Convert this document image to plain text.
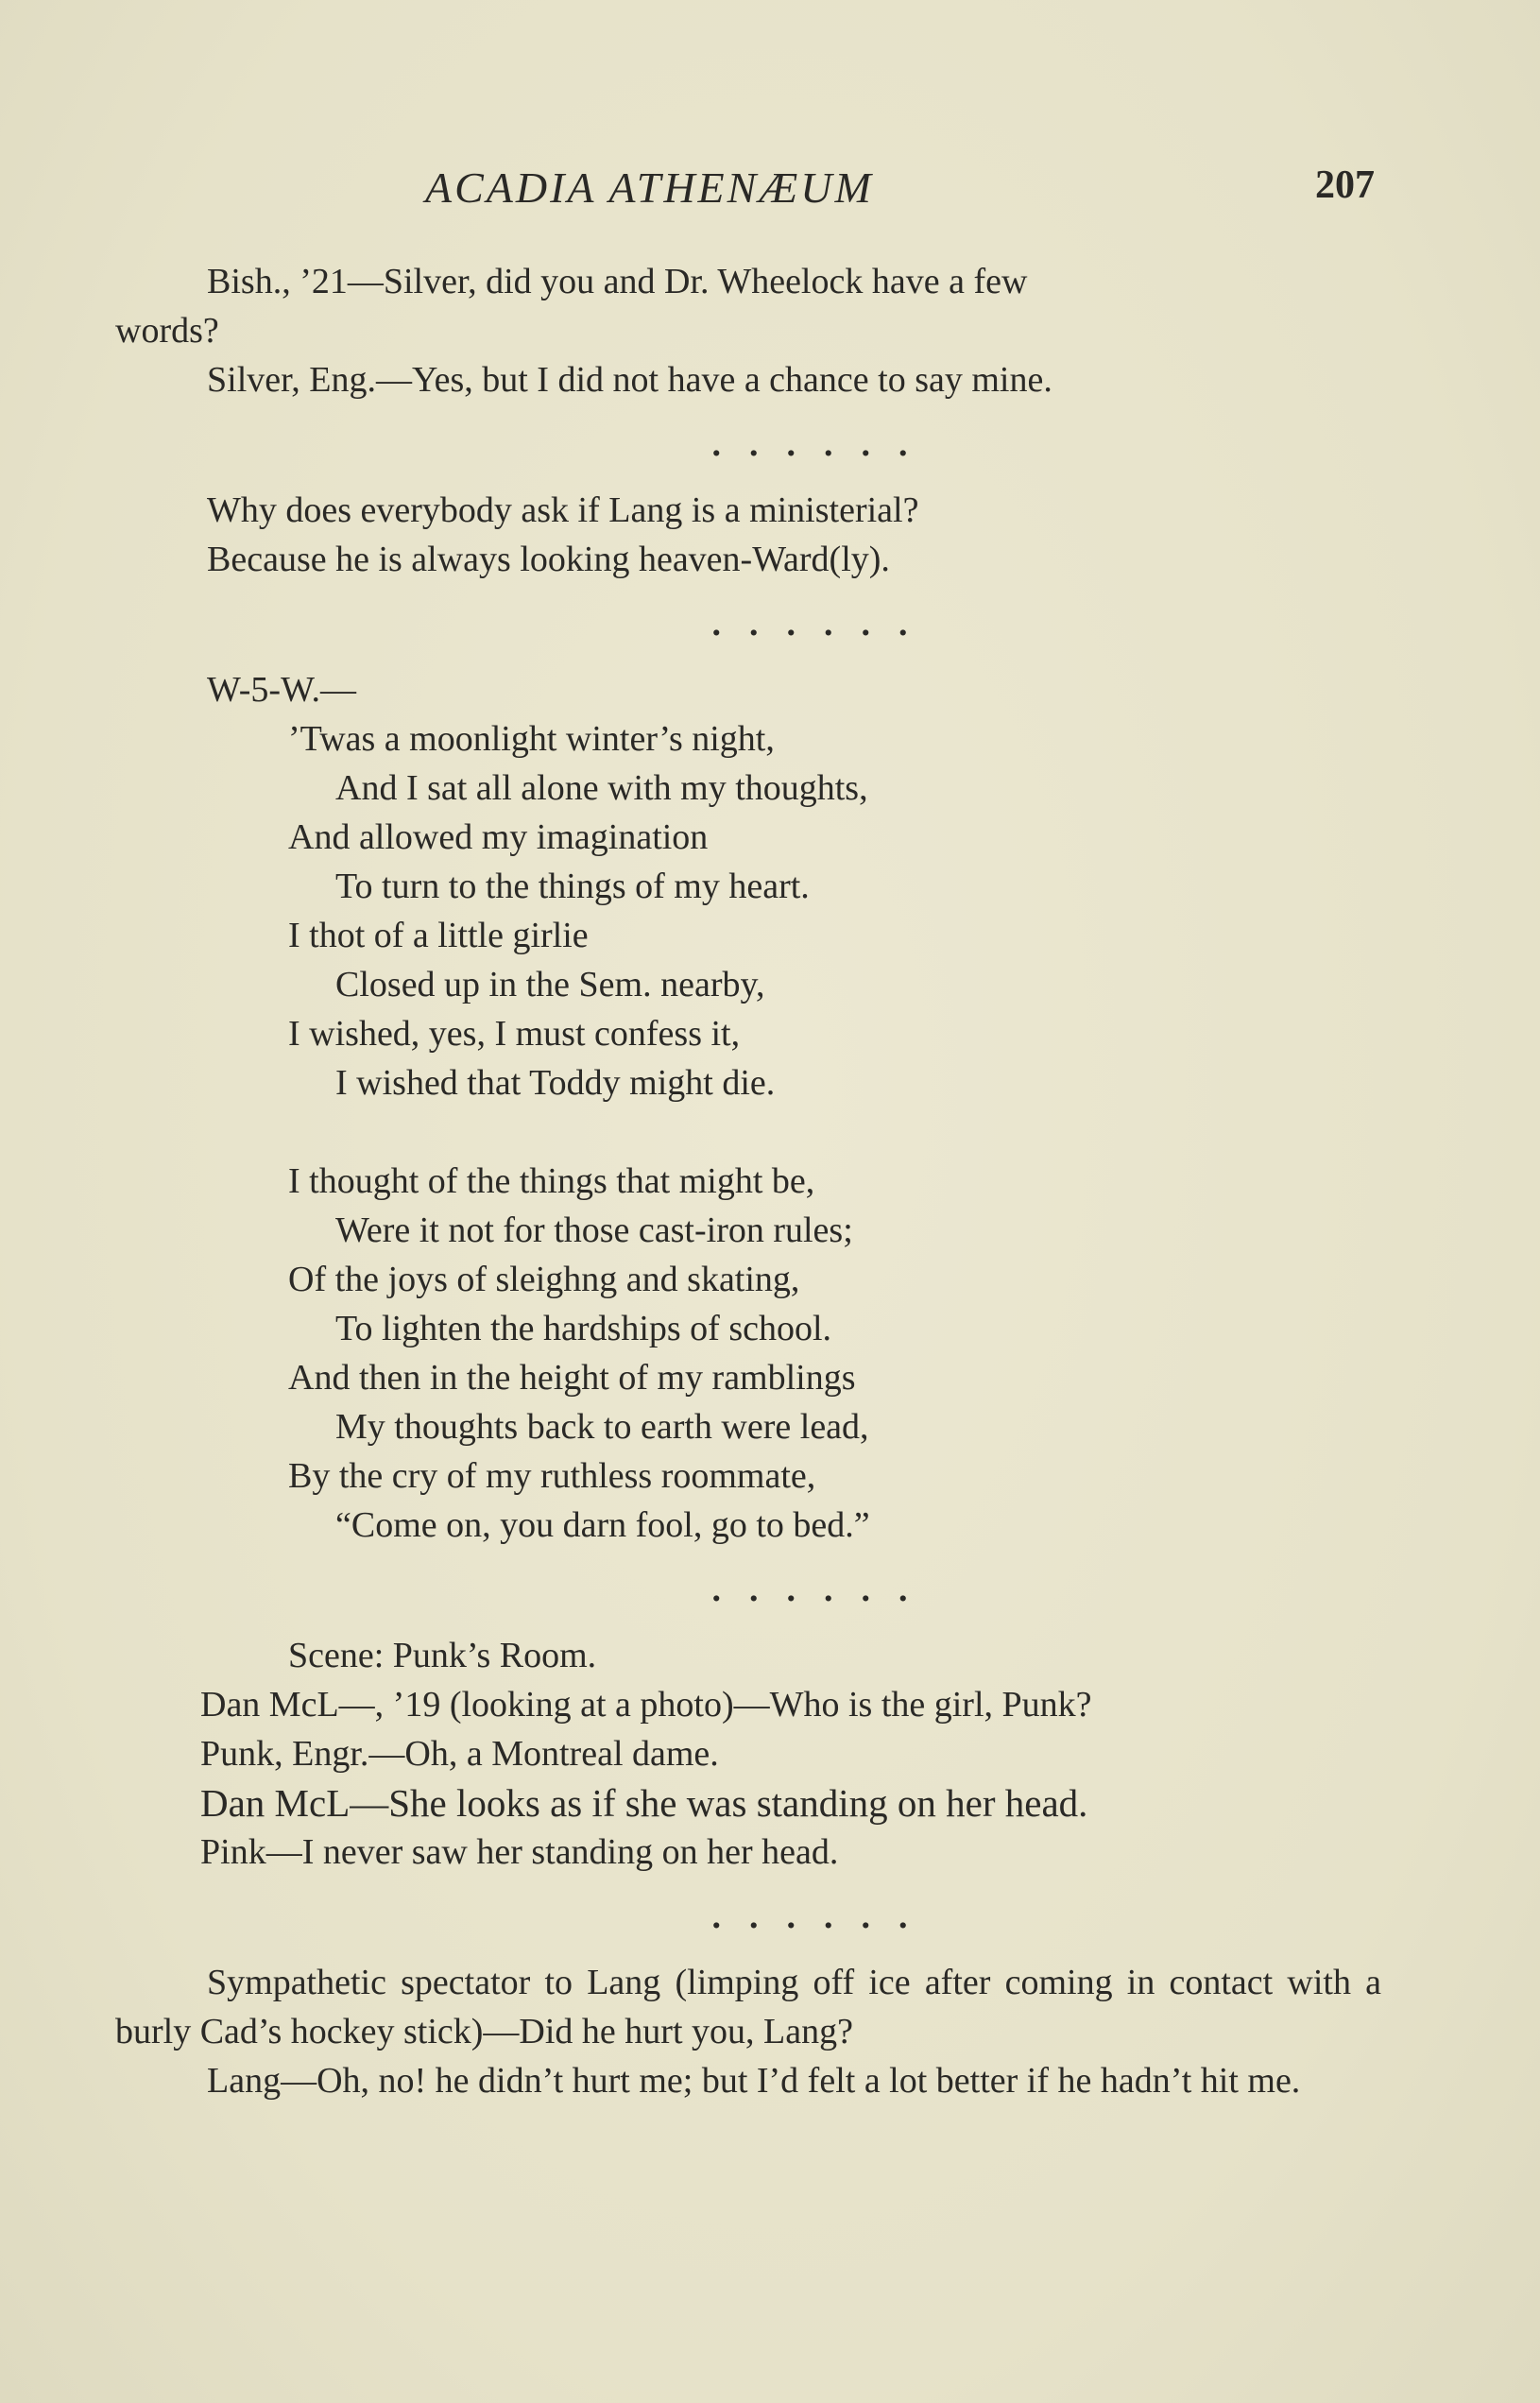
ACADIA ATHENÆUM	207

Bish., ’21—Silver, did you and Dr. Wheelock have a few

words?

Silver, Eng.—Yes, but I did not have a chance to say mine.

......

Why does everybody ask if Lang is a ministerial?

Because he is always looking heaven-Ward(ly).

......

W-5-W.—

’Twas a moonlight winter’s night,

And I sat all alone with my thoughts,

And allowed my imagination

To turn to the things of my heart.

I thot of a little girlie

Closed up in the Sem. nearby,

I wished, yes, I must confess it,

I wished that Toddy might die.

I thought of the things that might be,

Were it not for those cast-iron rules;

Of the joys of sleighng and skating,

To lighten the hardships of school.

And then in the height of my ramblings

My thoughts back to earth were lead,

By the cry of my ruthless roommate,

“Come on, you darn fool, go to bed.”

......

Scene: Punk’s Room.

Dan McL—, ’19 (looking at a photo)—Who is the girl, Punk?

Punk, Engr.—Oh, a Montreal dame.

Dan McL—She looks as if she was standing on her head.

Pink—I never saw her standing on her head.

......

Sympathetic spectator to Lang (limping off ice after coming in contact with a burly Cad’s hockey stick)—Did he hurt you, Lang?

Lang—Oh, no! he didn’t hurt me; but I’d felt a lot better if he hadn’t hit me.
